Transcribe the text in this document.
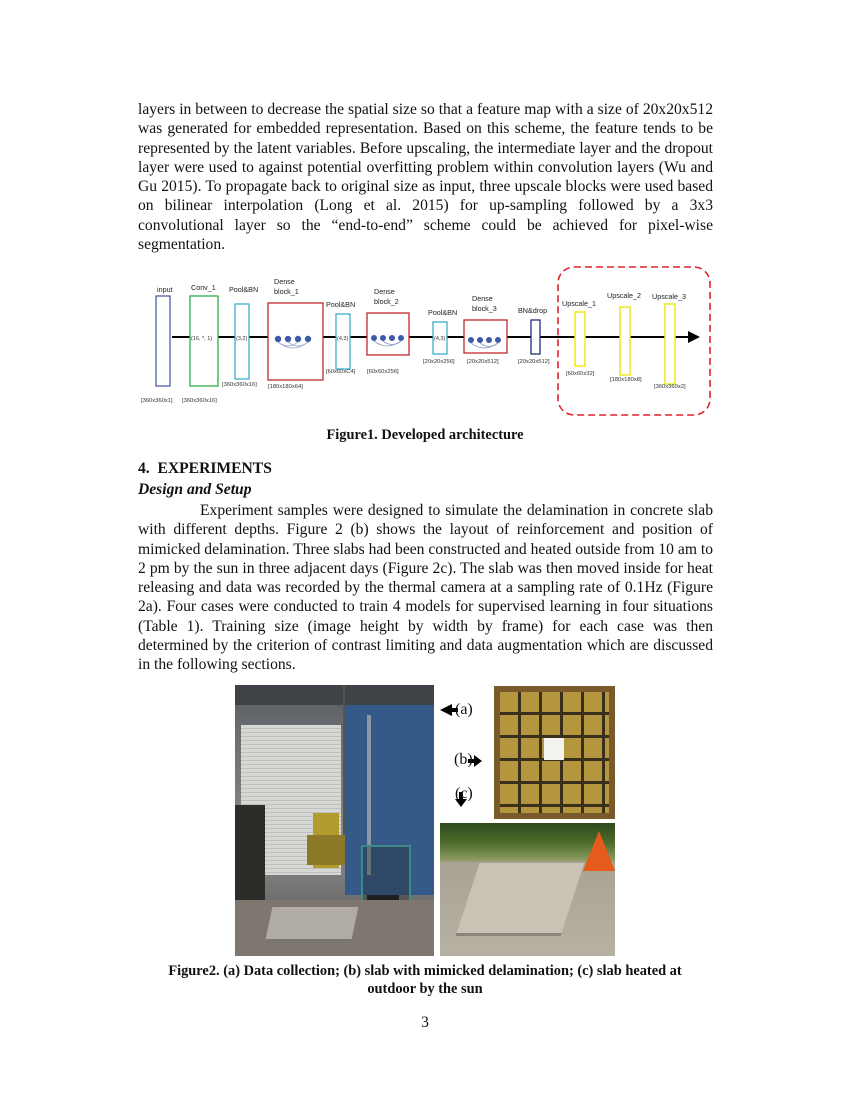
layers in between to decrease the spatial size so that a feature map with a size of 20x20x512 was generated for embedded representation. Based on this scheme, the feature tends to be represented by the latent variables. Before upscaling, the intermediate layer and the dropout layer were used to against potential overfitting problem within convolution layers (Wu and Gu 2015). To propagate back to original size as input, three upscale blocks were used based on bilinear interpolation (Long et al. 2015) for up-sampling followed by a 3x3 convolutional layer so the “end-to-end” scheme could be achieved for pixel-wise segmentation.

input	Conv_1 Pool&BN
Dense
block_1
Pool&BN
Dense
block_2
Pool&BN
Dense
block_3	BN&drop
Upscale_1
Upscale_2 Upscale_3
(16, *, 1)	(3,2)	(4,3)	(4,3)
[360x360x1] [360x360x16]
[360x360x16] [180x180x64]
[60x60xC4] [60x60x256]
[20x20x256] [20x20x512]	[20x20x512]
[60x60x32]
[180x180x8]
[360x360x2]
Figure1. Developed architecture
4.  EXPERIMENTS
Design and Setup

Experiment samples were designed to simulate the delamination in concrete slab with different depths. Figure 2 (b) shows the layout of reinforcement and position of mimicked delamination. Three slabs had been constructed and heated outside from 10 am to 2 pm by the sun in three adjacent days (Figure 2c). The slab was then moved inside for heat releasing and data was recorded by the thermal camera at a sampling rate of 0.1Hz (Figure 2a). Four cases were conducted to train 4 models for supervised learning in four situations (Table 1). Training size (image height by width by frame) for each case was then determined by the criterion of contrast limiting and data augmentation which are discussed in the following sections.

(a)
(b)
(c)
Figure2. (a) Data collection; (b) slab with mimicked delamination; (c) slab heated at
outdoor by the sun
3
